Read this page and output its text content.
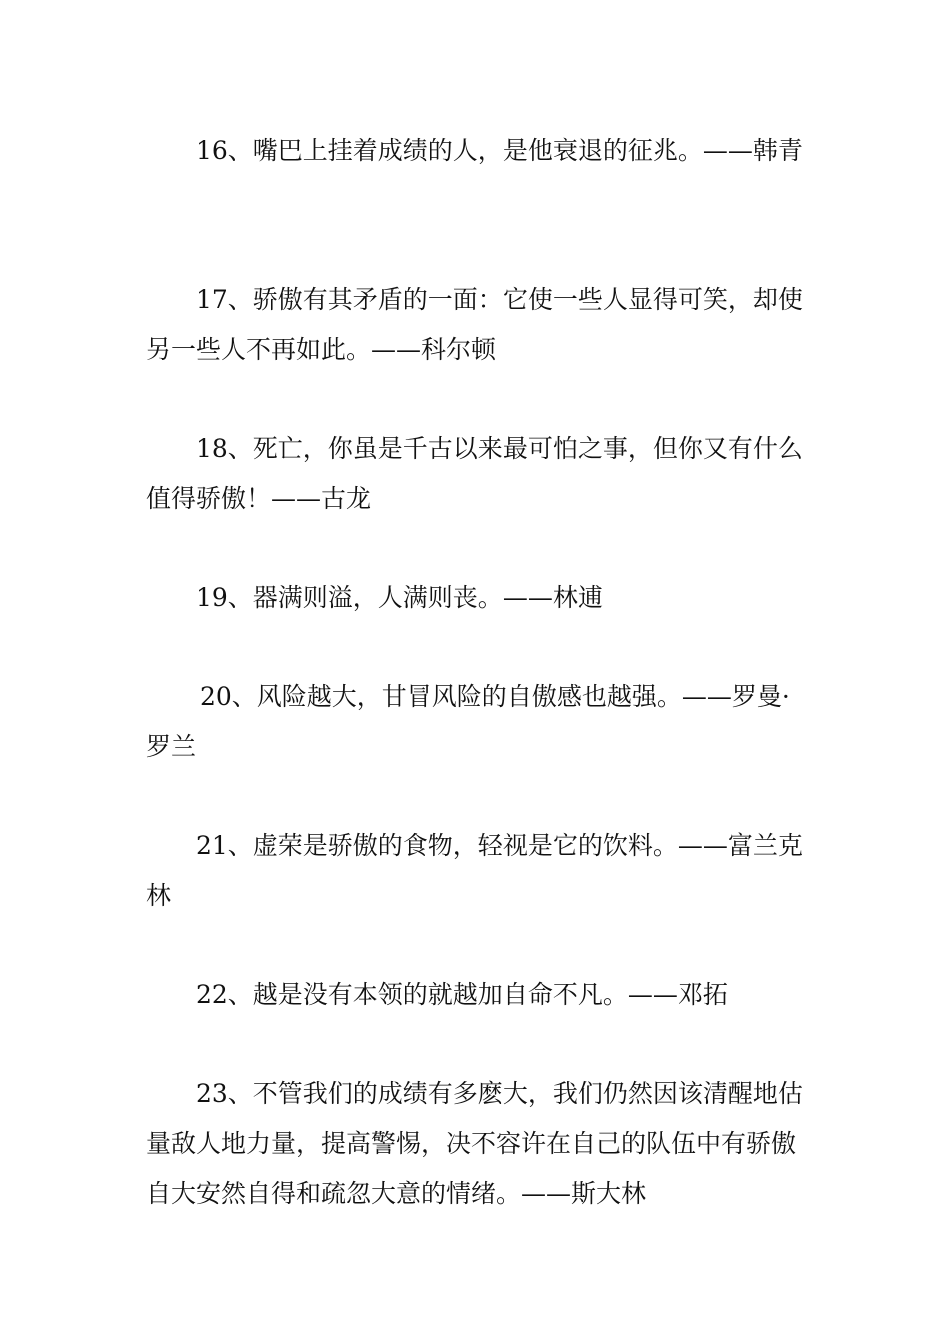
16、嘴巴上挂着成绩的人，是他衰退的征兆。——韩青

17、骄傲有其矛盾的一面：它使一些人显得可笑，却使另一些人不再如此。——科尔顿

18、死亡，你虽是千古以来最可怕之事，但你又有什么值得骄傲！——古龙

19、器满则溢，人满则丧。——林逋

20、风险越大，甘冒风险的自傲感也越强。——罗曼·罗兰

21、虚荣是骄傲的食物，轻视是它的饮料。——富兰克林

22、越是没有本领的就越加自命不凡。——邓拓

23、不管我们的成绩有多麽大，我们仍然因该清醒地估量敌人地力量，提高警惕，决不容许在自己的队伍中有骄傲自大安然自得和疏忽大意的情绪。——斯大林
